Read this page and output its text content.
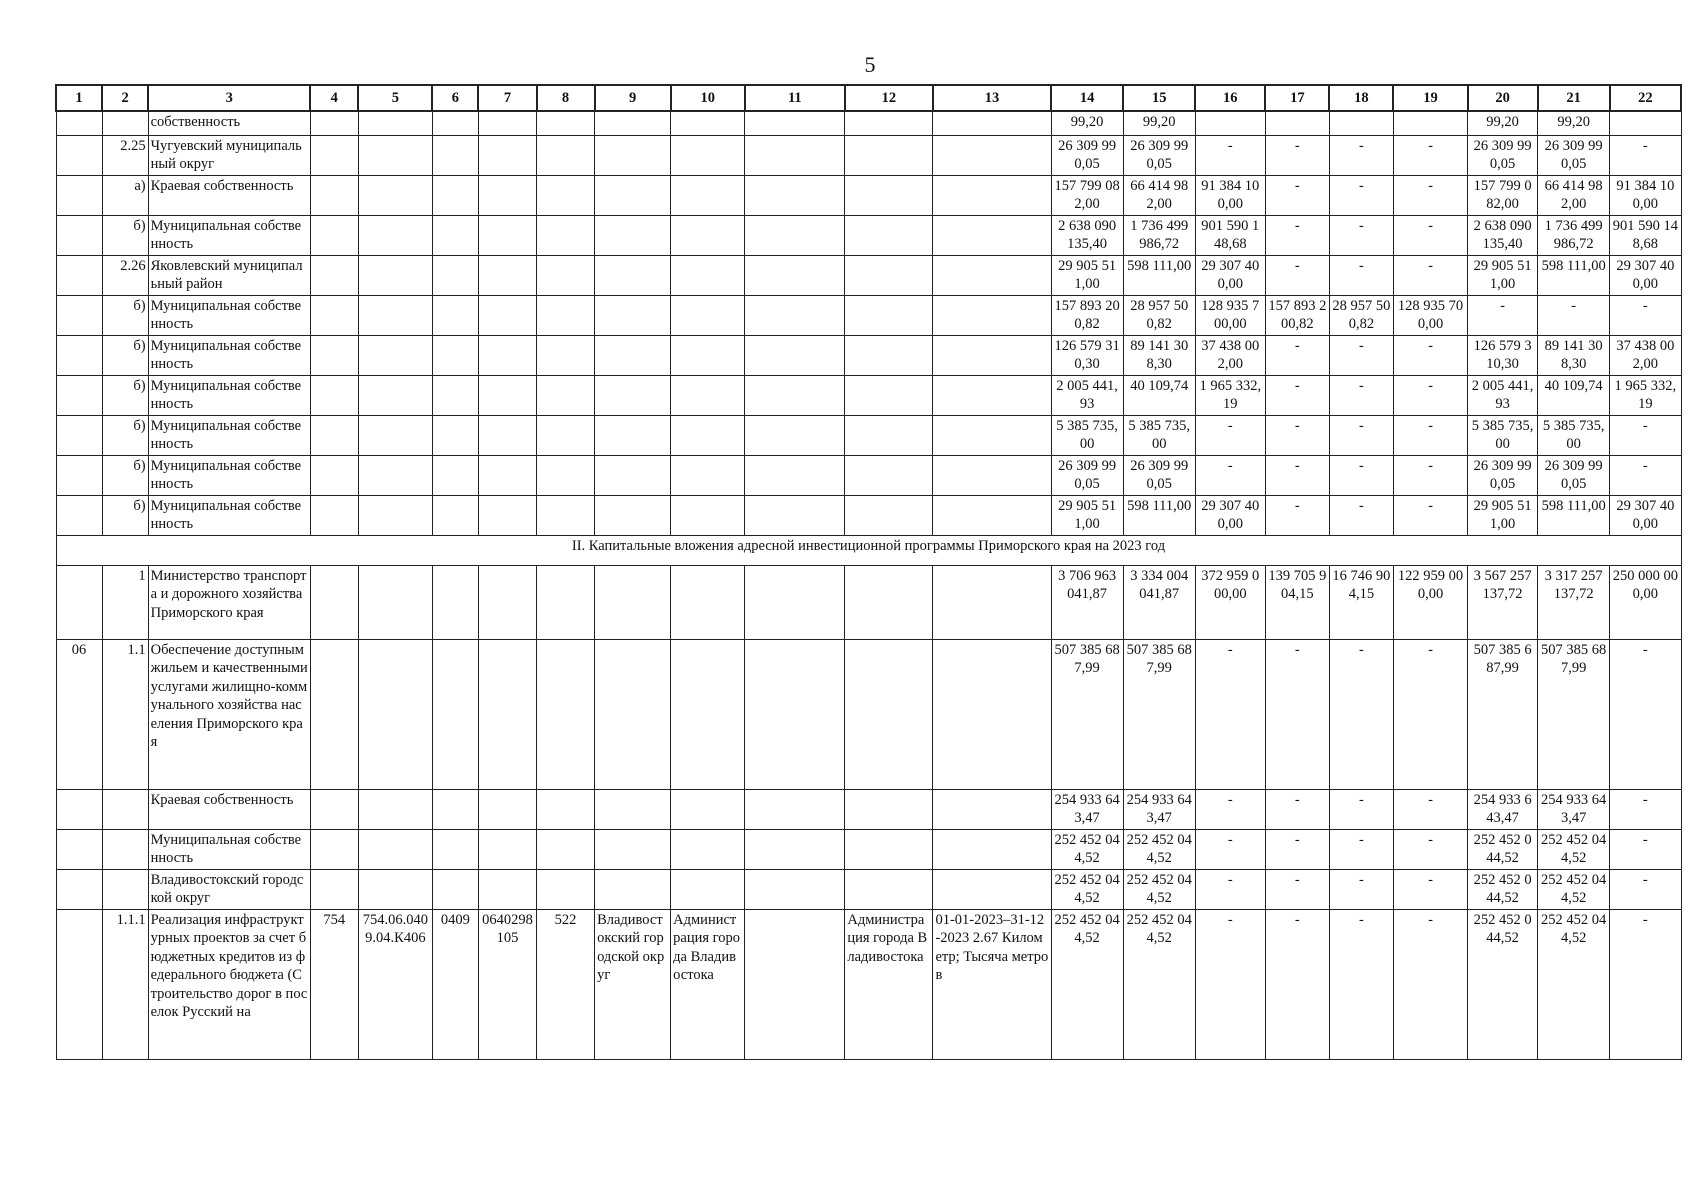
5
1	2	3	4	5	6	7	8	9	10	11	12	13	14	15	16	17	18	19	20	21	22
		собственность											99,20	99,20					99,20	99,20	
	2.25	Чугуевский муниципальный округ											26 309 990,05	26 309 990,05	-	-	-	-	26 309 990,05	26 309 990,05	-
	а)	Краевая собственность											157 799 082,00	66 414 982,00	91 384 100,00	-	-	-	157 799 082,00	66 414 982,00	91 384 100,00
	б)	Муниципальная собственность											2 638 090 135,40	1 736 499 986,72	901 590 148,68	-	-	-	2 638 090 135,40	1 736 499 986,72	901 590 148,68
	2.26	Яковлевский муниципальный район											29 905 511,00	598 111,00	29 307 400,00	-	-	-	29 905 511,00	598 111,00	29 307 400,00
	б)	Муниципальная собственность											157 893 200,82	28 957 500,82	128 935 700,00	157 893 200,82	28 957 500,82	128 935 700,00	-	-	-
	б)	Муниципальная собственность											126 579 310,30	89 141 308,30	37 438 002,00	-	-	-	126 579 310,30	89 141 308,30	37 438 002,00
	б)	Муниципальная собственность											2 005 441,93	40 109,74	1 965 332,19	-	-	-	2 005 441,93	40 109,74	1 965 332,19
	б)	Муниципальная собственность											5 385 735,00	5 385 735,00	-	-	-	-	5 385 735,00	5 385 735,00	-
	б)	Муниципальная собственность											26 309 990,05	26 309 990,05	-	-	-	-	26 309 990,05	26 309 990,05	-
	б)	Муниципальная собственность											29 905 511,00	598 111,00	29 307 400,00	-	-	-	29 905 511,00	598 111,00	29 307 400,00
II. Капитальные вложения адресной инвестиционной программы Приморского края на 2023 год																					
	1	Министерство транспорта и дорожного хозяйства Приморского края											3 706 963 041,87	3 334 004 041,87	372 959 000,00	139 705 904,15	16 746 904,15	122 959 000,00	3 567 257 137,72	3 317 257 137,72	250 000 000,00
06	1.1	Обеспечение доступным жильем и качественными услугами жилищно-коммунального хозяйства населения Приморского края											507 385 687,99	507 385 687,99	-	-	-	-	507 385 687,99	507 385 687,99	-
		Краевая собственность											254 933 643,47	254 933 643,47	-	-	-	-	254 933 643,47	254 933 643,47	-
		Муниципальная собственность											252 452 044,52	252 452 044,52	-	-	-	-	252 452 044,52	252 452 044,52	-
		Владивостокский городской округ											252 452 044,52	252 452 044,52	-	-	-	-	252 452 044,52	252 452 044,52	-
	1.1.1	Реализация инфраструктурных проектов за счет бюджетных кредитов из федерального бюджета (Строительство дорог в поселок Русский на	754	754.06.0409.04.К406	0409	0640298105	522	Владивостокский городской округ	Администрация города Владивостока		Администрация города Владивостока	01-01-2023–31-12-2023 2.67 Километр; Тысяча метров	252 452 044,52	252 452 044,52	-	-	-	-	252 452 044,52	252 452 044,52	-
